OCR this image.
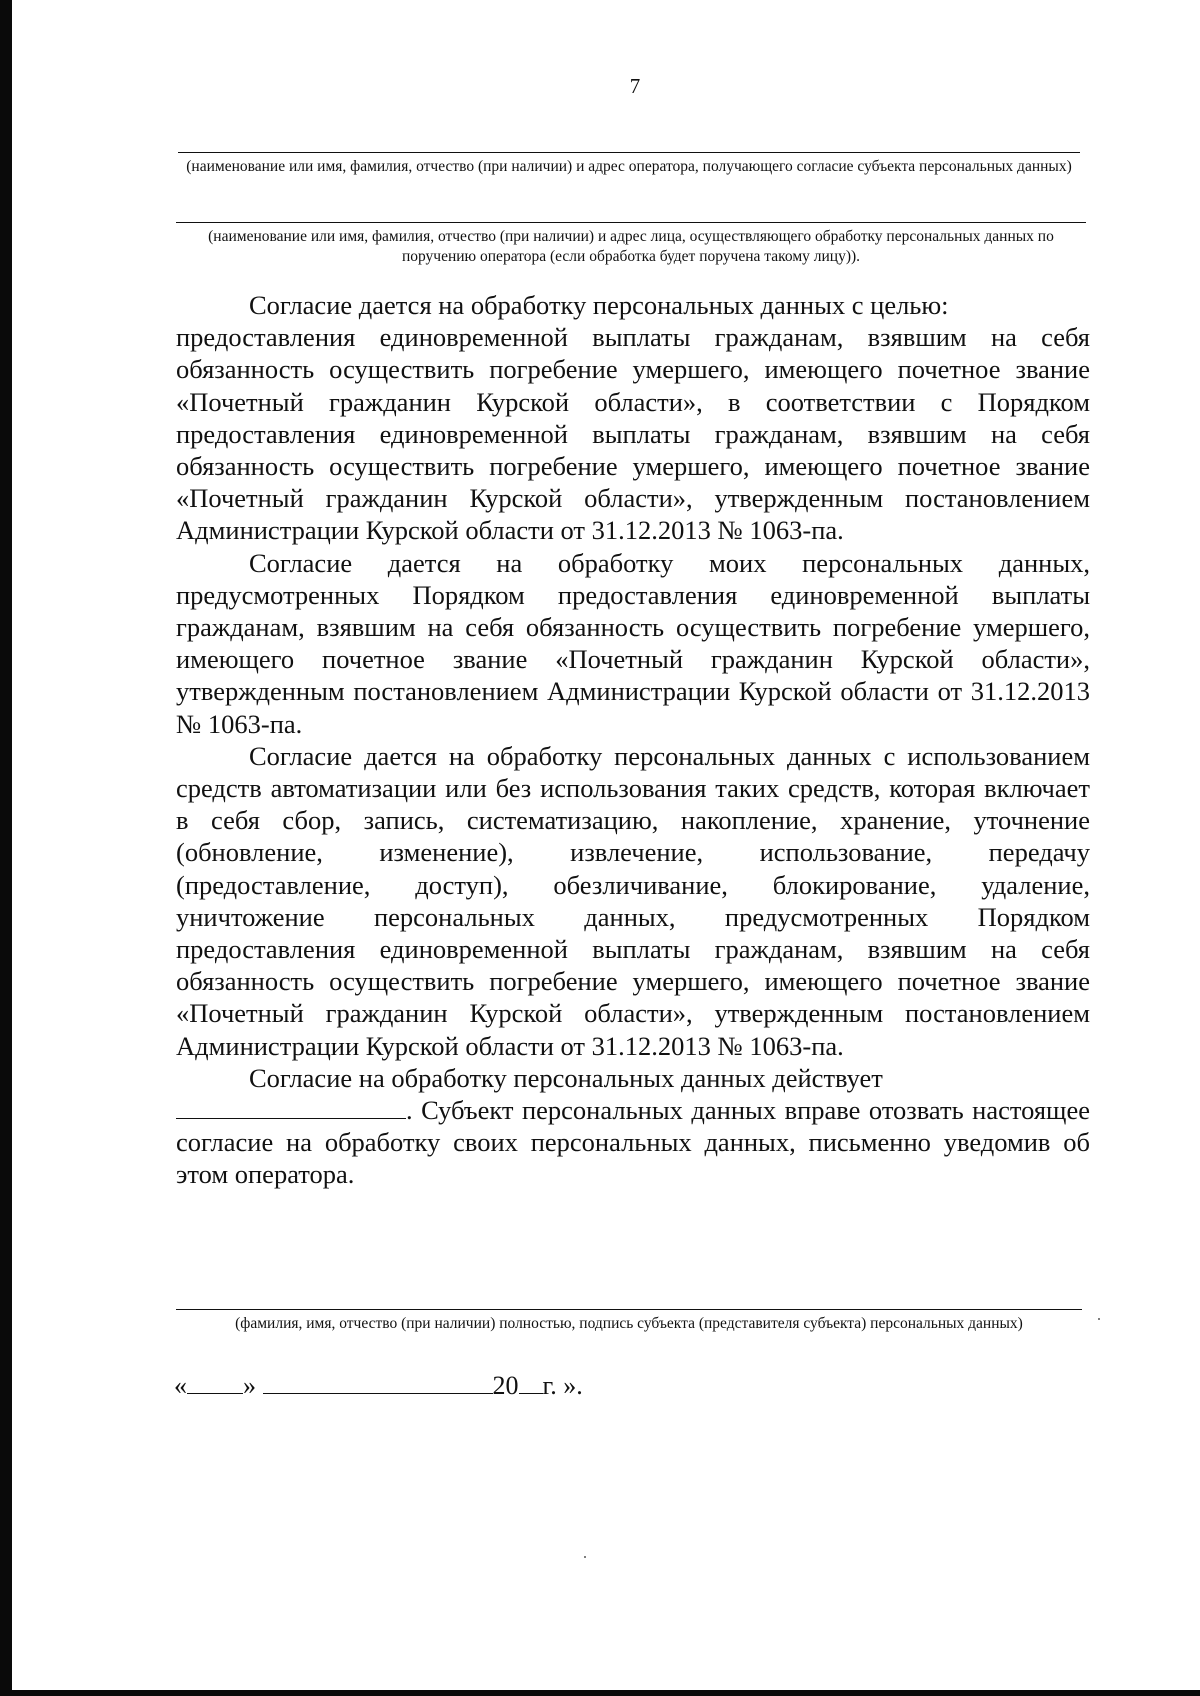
7
(наименование или имя, фамилия, отчество (при наличии) и адрес оператора, получающего согласие субъекта персональных данных)
(наименование или имя, фамилия, отчество (при наличии) и адрес лица, осуществляющего обработку персональных данных по поручению оператора (если обработка будет поручена такому лицу)).

Согласие дается на обработку персональных данных с целью:

предоставления единовременной выплаты гражданам, взявшим на себя обязанность осуществить погребение умершего, имеющего почетное звание «Почетный гражданин Курской области», в соответствии с Порядком предоставления единовременной выплаты гражданам, взявшим на себя обязанность осуществить погребение умершего, имеющего почетное звание «Почетный гражданин Курской области», утвержденным постановлением Администрации Курской области от 31.12.2013 № 1063-па.

Согласие дается на обработку моих персональных данных, предусмотренных Порядком предоставления единовременной выплаты гражданам, взявшим на себя обязанность осуществить погребение умершего, имеющего почетное звание «Почетный гражданин Курской области», утвержденным постановлением Администрации Курской области от 31.12.2013 № 1063-па.

Согласие дается на обработку персональных данных с использованием средств автоматизации или без использования таких средств, которая включает в себя сбор, запись, систематизацию, накопление, хранение, уточнение (обновление, изменение), извлечение, использование, передачу (предоставление, доступ), обезличивание, блокирование, удаление, уничтожение персональных данных, предусмотренных Порядком предоставления единовременной выплаты гражданам, взявшим на себя обязанность осуществить погребение умершего, имеющего почетное звание «Почетный гражданин Курской области», утвержденным постановлением Администрации Курской области от 31.12.2013 № 1063-па.

Согласие на обработку персональных данных действует

. Субъект персональных данных вправе отозвать настоящее согласие на обработку своих персональных данных, письменно уведомив об этом оператора.

(фамилия, имя, отчество (при наличии) полностью, подпись субъекта (представителя субъекта) персональных данных)
« »	20 г. ».
